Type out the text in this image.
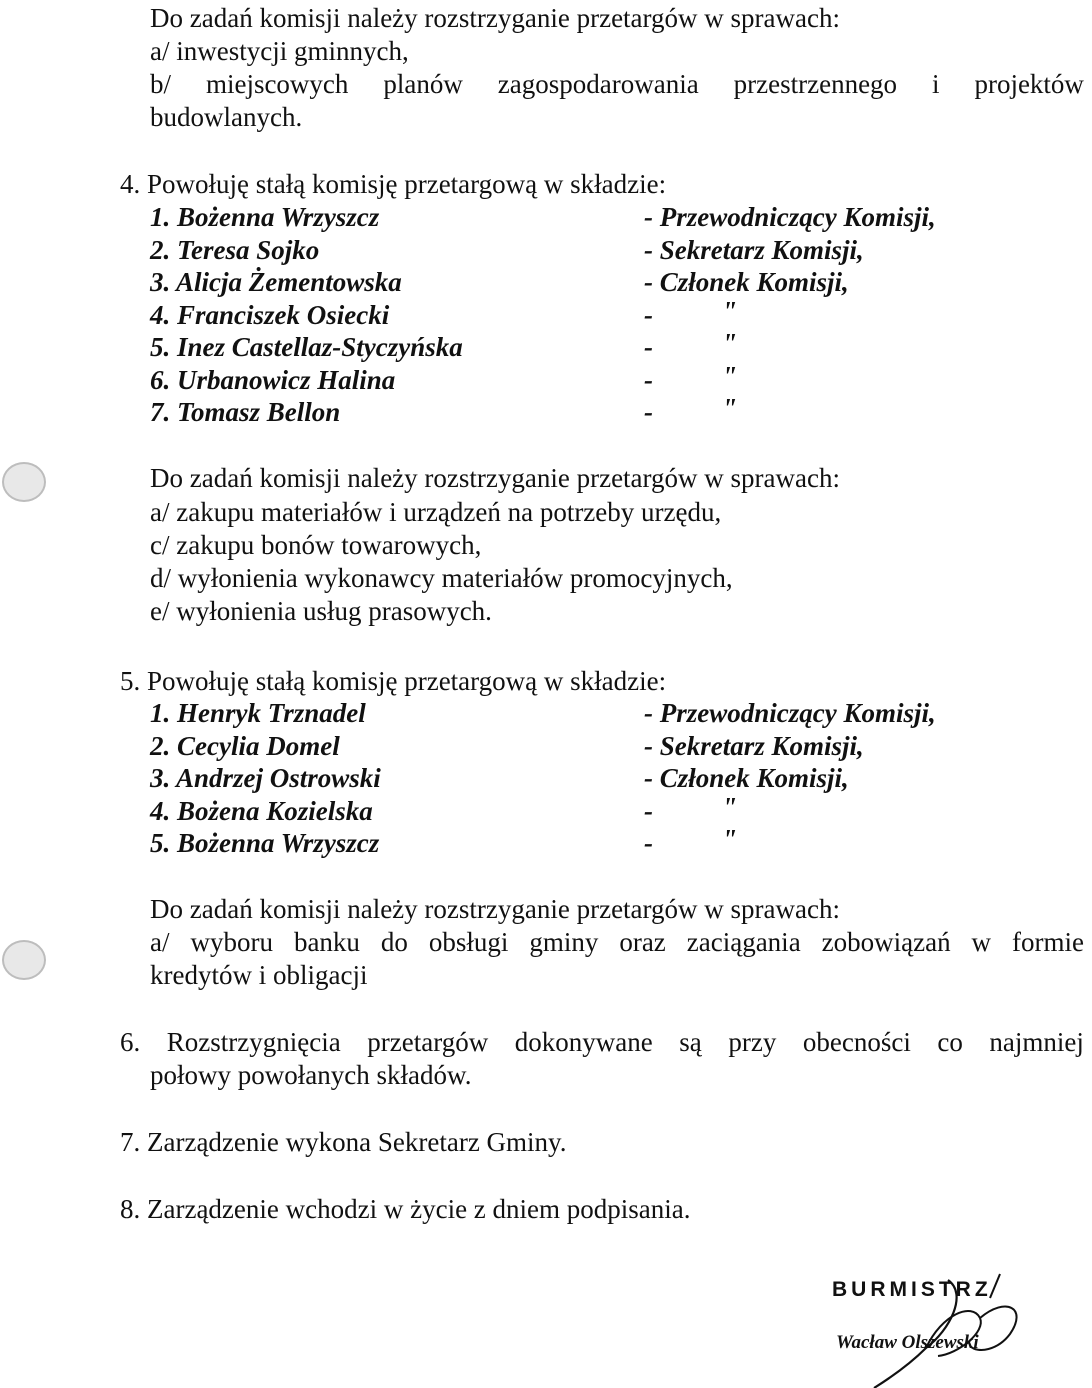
Do zadań komisji należy rozstrzyganie przetargów w sprawach:
a/ inwestycji gminnych,
b/ miejscowych planów zagospodarowania przestrzennego i projektów
budowlanych.
4. Powołuję stałą komisję przetargową w składzie:
1. Bożenna Wrzyszcz	- Przewodniczący Komisji,
2. Teresa Sojko	- Sekretarz Komisji,
3. Alicja Żementowska	- Członek Komisji,
4. Franciszek Osiecki	-	"
5. Inez Castellaz-Styczyńska	-	"
6. Urbanowicz Halina	-	"
7. Tomasz Bellon	-	"
Do zadań komisji należy rozstrzyganie przetargów w sprawach:
a/ zakupu materiałów i urządzeń na potrzeby urzędu,
c/ zakupu bonów towarowych,
d/ wyłonienia wykonawcy materiałów promocyjnych,
e/ wyłonienia usług prasowych.
5. Powołuję stałą komisję przetargową w składzie:
1. Henryk Trznadel	- Przewodniczący Komisji,
2. Cecylia Domel	- Sekretarz Komisji,
3. Andrzej Ostrowski	- Członek Komisji,
4. Bożena Kozielska	-	"
5. Bożenna Wrzyszcz	-	"
Do zadań komisji należy rozstrzyganie przetargów w sprawach:
a/ wyboru banku do obsługi gminy oraz zaciągania zobowiązań w formie
kredytów i obligacji
6. Rozstrzygnięcia przetargów dokonywane są przy obecności co najmniej
połowy powołanych składów.
7. Zarządzenie wykona Sekretarz Gminy.
8. Zarządzenie wchodzi w życie z dniem podpisania.
BURMISTRZ
Wacław Olszewski
